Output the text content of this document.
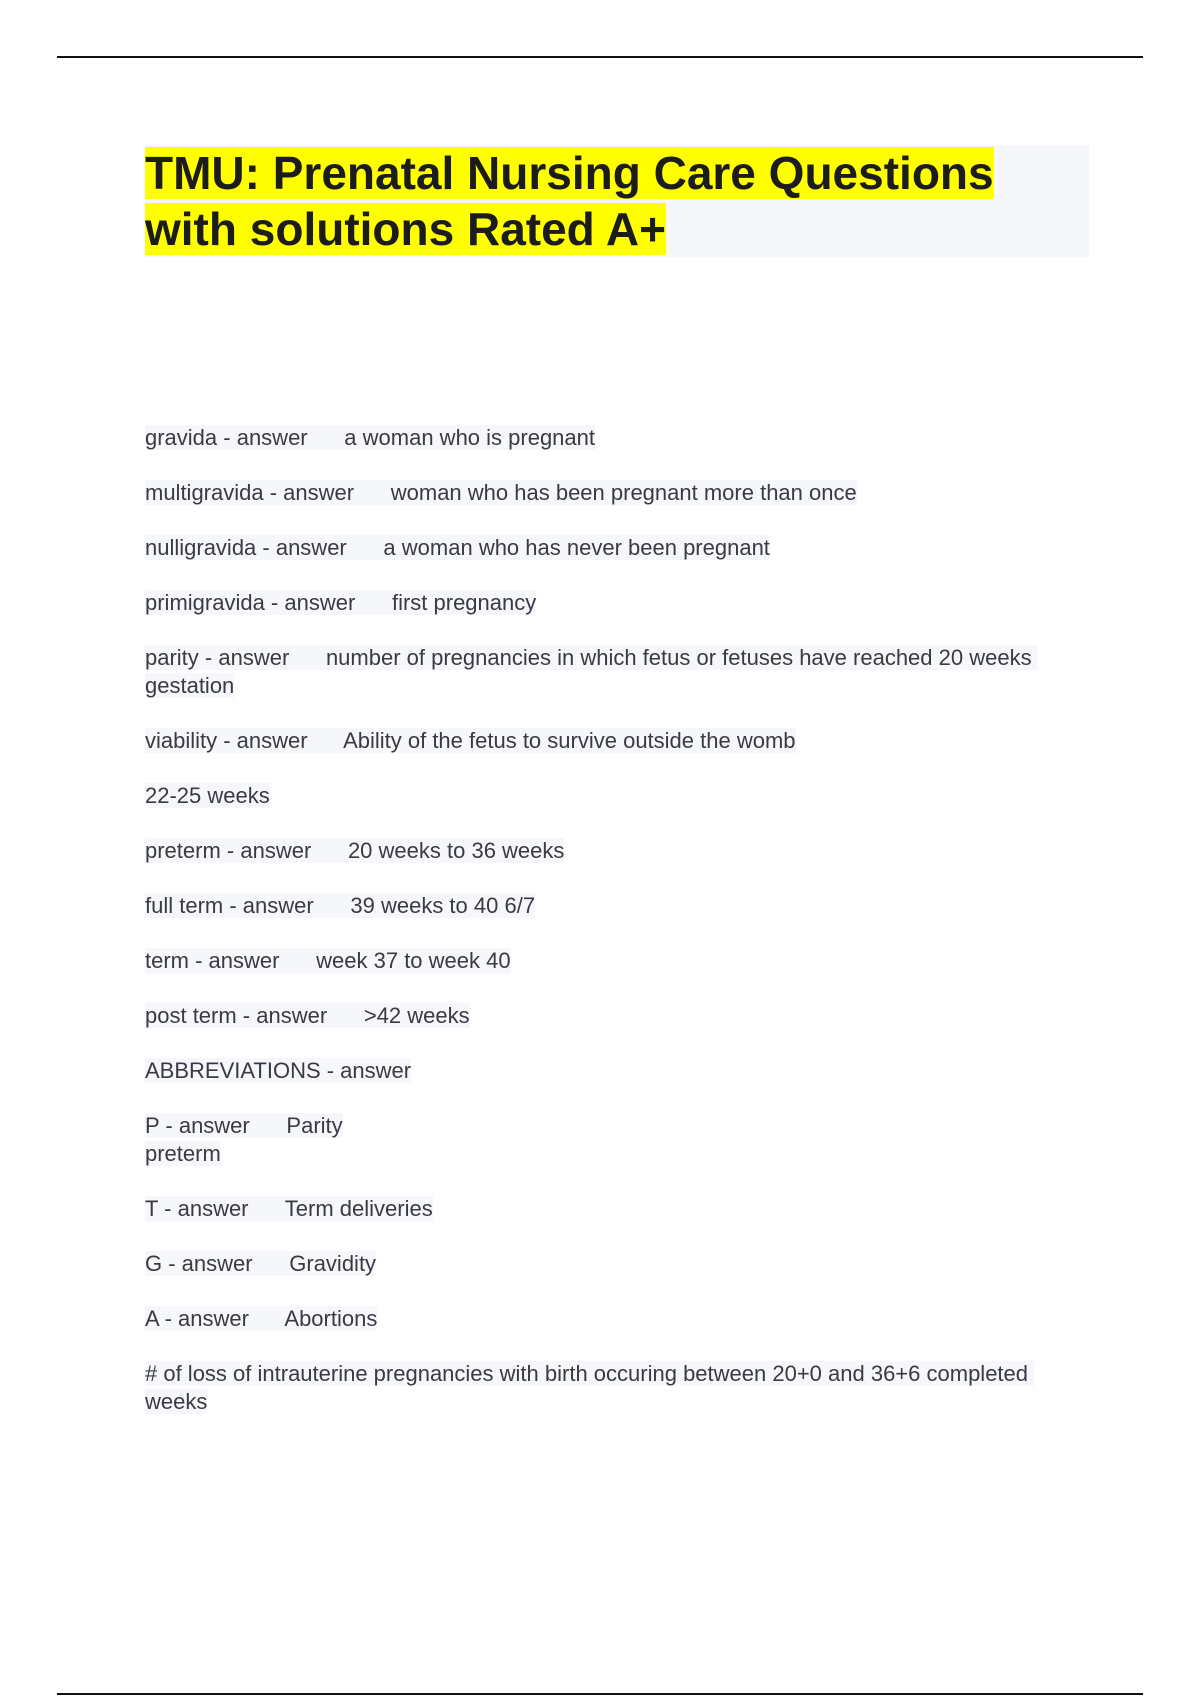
TMU: Prenatal Nursing Care Questions with solutions Rated A+

gravida - answer      a woman who is pregnant

multigravida - answer      woman who has been pregnant more than once

nulligravida - answer      a woman who has never been pregnant

primigravida - answer      first pregnancy

parity - answer      number of pregnancies in which fetus or fetuses have reached 20 weeks gestation

viability - answer      Ability of the fetus to survive outside the womb

22-25 weeks

preterm - answer      20 weeks to 36 weeks

full term - answer      39 weeks to 40 6/7

term - answer      week 37 to week 40

post term - answer      >42 weeks

ABBREVIATIONS - answer

P - answer      Parity
preterm

T - answer      Term deliveries

G - answer      Gravidity

A - answer      Abortions

# of loss of intrauterine pregnancies with birth occuring between 20+0 and 36+6 completed weeks
